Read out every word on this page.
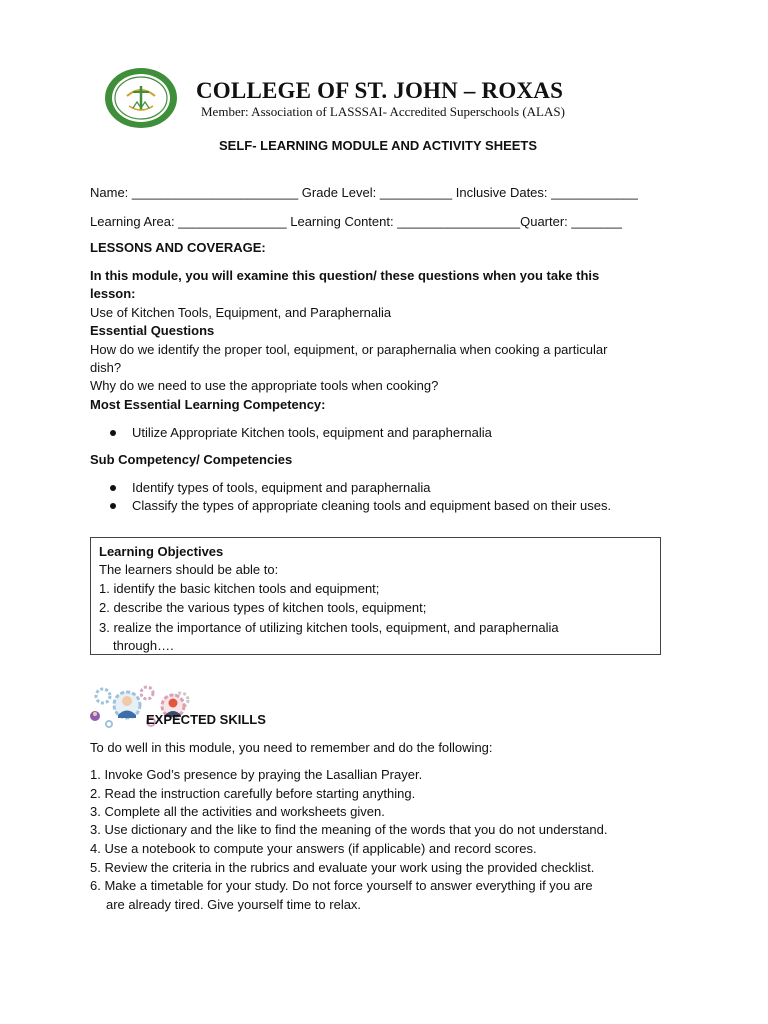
COLLEGE OF ST. JOHN – ROXAS
Member: Association of LASSSAI- Accredited Superschools (ALAS)
SELF- LEARNING MODULE AND ACTIVITY SHEETS
Name: _______________________ Grade Level: __________ Inclusive Dates: ____________
Learning Area: _______________ Learning Content: _________________Quarter: _______
LESSONS AND COVERAGE:
In this module, you will examine this question/ these questions when you take this
lesson:
Use of Kitchen Tools, Equipment, and Paraphernalia
Essential Questions
How do we identify the proper tool, equipment, or paraphernalia when cooking a particular
dish?
Why do we need to use the appropriate tools when cooking?
Most Essential Learning Competency:
Utilize Appropriate Kitchen tools, equipment and paraphernalia
Sub Competency/ Competencies
Identify types of tools, equipment and paraphernalia
Classify the types of appropriate cleaning tools and equipment based on their uses.
Learning Objectives
The learners should be able to:
1. identify the basic kitchen tools and equipment;
2. describe the various types of kitchen tools, equipment;
3. realize the importance of utilizing kitchen tools, equipment, and paraphernalia
through….
EXPECTED SKILLS
To do well in this module, you need to remember and do the following:
1. Invoke God’s presence by praying the Lasallian Prayer.
2. Read the instruction carefully before starting anything.
3. Complete all the activities and worksheets given.
3. Use dictionary and the like to find the meaning of the words that you do not understand.
4. Use a notebook to compute your answers (if applicable) and record scores.
5. Review the criteria in the rubrics and evaluate your work using the provided checklist.
6. Make a timetable for your study. Do not force yourself to answer everything if you are
are already tired. Give yourself time to relax.
